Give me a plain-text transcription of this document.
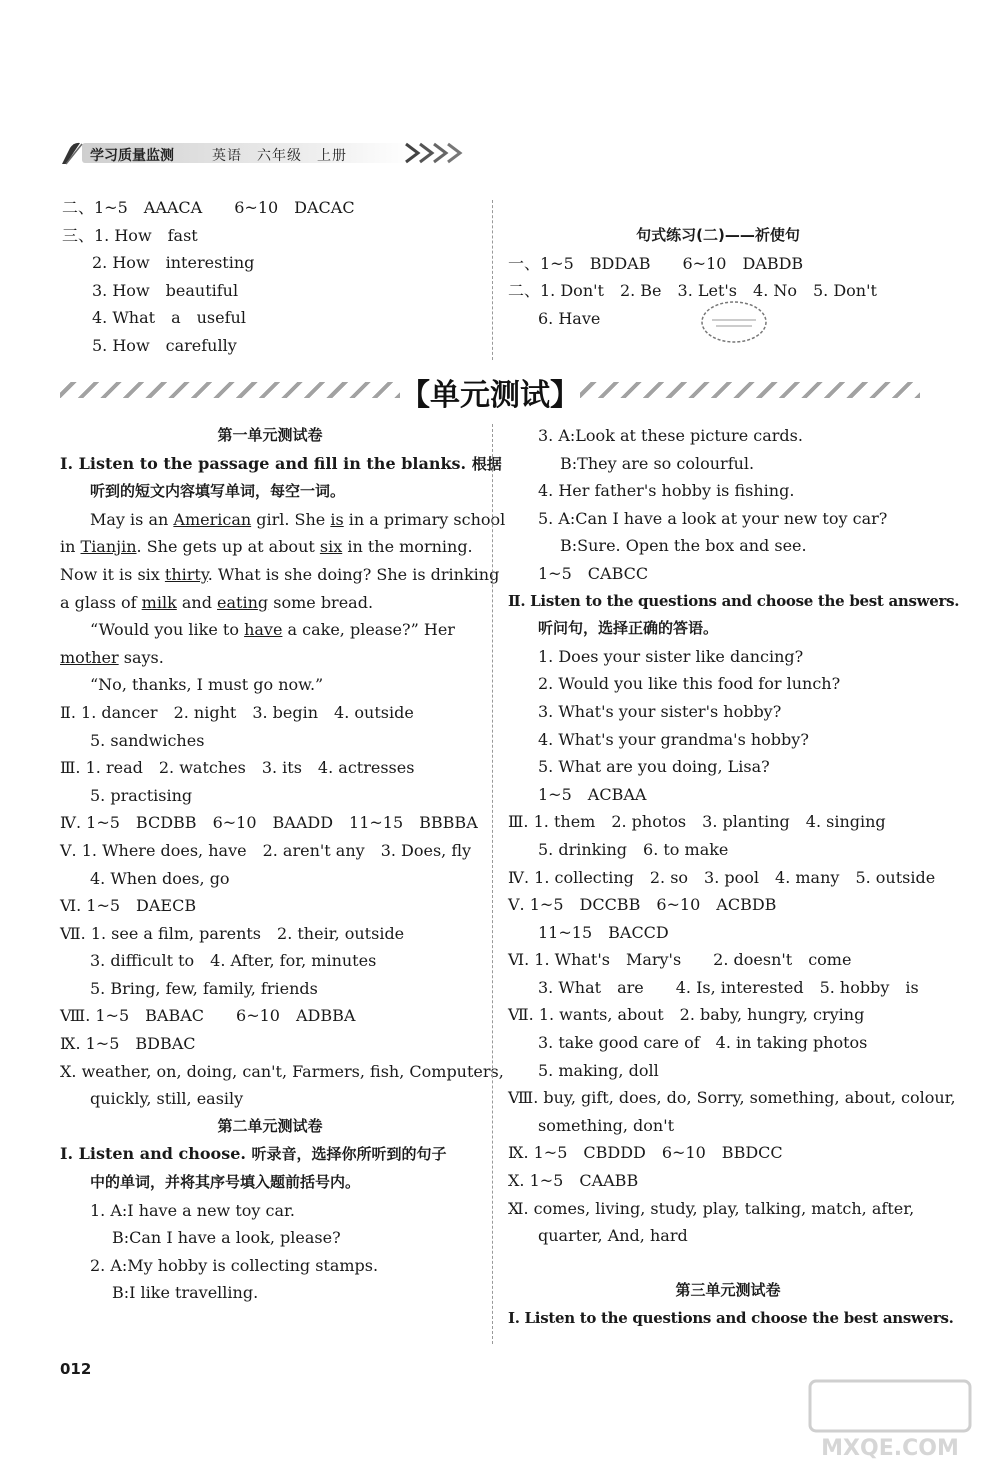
学习质量监测	英语　六年级　上册
二、1~5　AAACA　　6~10　DACAC
三、1. How　fast
2. How　interesting
3. How　beautiful
4. What　a　useful
5. How　carefully
句式练习(二)——祈使句
一、1~5　BDDAB　　6~10　DABDB
二、1. Don't　2. Be　3. Let's　4. No　5. Don't
6. Have
【单元测试】
第一单元测试卷
Ⅰ. Listen to the passage and fill in the blanks. 根据
听到的短文内容填写单词，每空一词。
May is an American girl. She is in a primary school
in Tianjin. She gets up at about six in the morning.
Now it is six thirty. What is she doing? She is drinking
a glass of milk and eating some bread.
“Would you like to have a cake, please?” Her
mother says.
“No, thanks, I must go now.”
Ⅱ. 1. dancer　2. night　3. begin　4. outside
5. sandwiches
Ⅲ. 1. read　2. watches　3. its　4. actresses
5. practising
Ⅳ. 1~5　BCDBB　6~10　BAADD　11~15　BBBBA
Ⅴ. 1. Where does, have　2. aren't any　3. Does, fly
4. When does, go
Ⅵ. 1~5　DAECB
Ⅶ. 1. see a film, parents　2. their, outside
3. difficult to　4. After, for, minutes
5. Bring, few, family, friends
Ⅷ. 1~5　BABAC　　6~10　ADBBA
Ⅸ. 1~5　BDBAC
Ⅹ. weather, on, doing, can't, Farmers, fish, Computers,
quickly, still, easily
第二单元测试卷
Ⅰ. Listen and choose. 听录音，选择你所听到的句子
中的单词，并将其序号填入题前括号内。
1. A:I have a new toy car.
B:Can I have a look, please?
2. A:My hobby is collecting stamps.
B:I like travelling.
3. A:Look at these picture cards.
B:They are so colourful.
4. Her father's hobby is fishing.
5. A:Can I have a look at your new toy car?
B:Sure. Open the box and see.
1~5　CABCC
Ⅱ. Listen to the questions and choose the best answers.
听问句，选择正确的答语。
1. Does your sister like dancing?
2. Would you like this food for lunch?
3. What's your sister's hobby?
4. What's your grandma's hobby?
5. What are you doing, Lisa?
1~5　ACBAA
Ⅲ. 1. them　2. photos　3. planting　4. singing
5. drinking　6. to make
Ⅳ. 1. collecting　2. so　3. pool　4. many　5. outside
Ⅴ. 1~5　DCCBB　6~10　ACBDB
11~15　BACCD
Ⅵ. 1. What's　Mary's　　2. doesn't　come
3. What　are　　4. Is, interested　5. hobby　is
Ⅶ. 1. wants, about　2. baby, hungry, crying
3. take good care of　4. in taking photos
5. making, doll
Ⅷ. buy, gift, does, do, Sorry, something, about, colour,
something, don't
Ⅸ. 1~5　CBDDD　6~10　BBDCC
Ⅹ. 1~5　CAABB
Ⅺ. comes, living, study, play, talking, match, after,
quarter, And, hard
第三单元测试卷
Ⅰ. Listen to the questions and choose the best answers.
012
MXQE.COM
